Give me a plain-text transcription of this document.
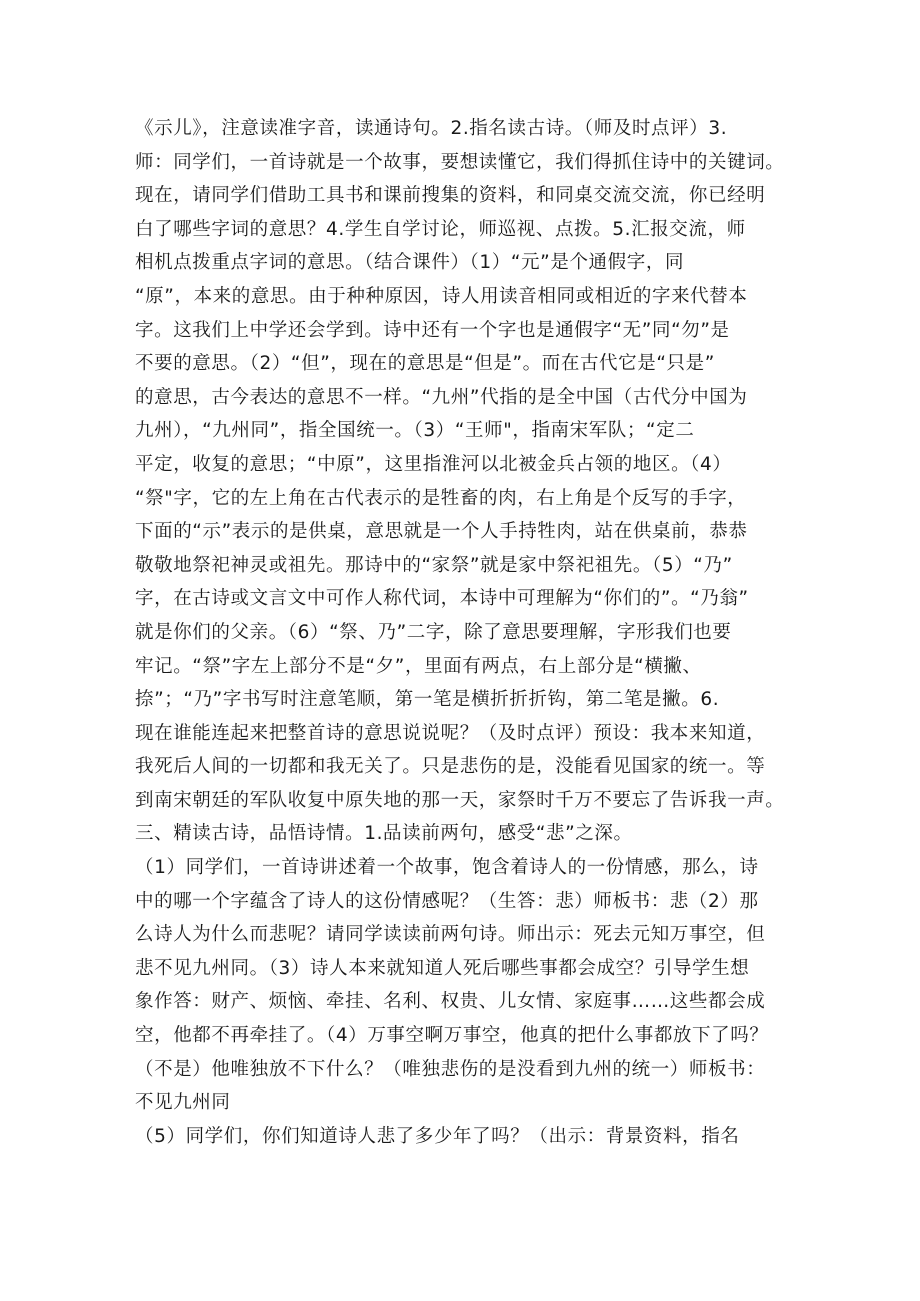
《示儿》，注意读准字音，读通诗句。2.指名读古诗。（师及时点评）3.
师：同学们，一首诗就是一个故事，要想读懂它，我们得抓住诗中的关键词。
现在，请同学们借助工具书和课前搜集的资料，和同桌交流交流，你已经明
白了哪些字词的意思？4.学生自学讨论，师巡视、点拨。5.汇报交流，师
相机点拨重点字词的意思。（结合课件）（1）“元”是个通假字，同
“原”，本来的意思。由于种种原因，诗人用读音相同或相近的字来代替本
字。这我们上中学还会学到。诗中还有一个字也是通假字“无”同“勿”是
不要的意思。（2）“但”，现在的意思是“但是”。而在古代它是“只是”
的意思，古今表达的意思不一样。“九州”代指的是全中国（古代分中国为
九州），“九州同”，指全国统一。（3）“王师"，指南宋军队；“定二
平定，收复的意思；“中原”，这里指淮河以北被金兵占领的地区。（4）
“祭"字，它的左上角在古代表示的是牲畜的肉，右上角是个反写的手字，
下面的“示”表示的是供桌，意思就是一个人手持牲肉，站在供桌前，恭恭
敬敬地祭祀神灵或祖先。那诗中的“家祭”就是家中祭祀祖先。（5）“乃”
字，在古诗或文言文中可作人称代词，本诗中可理解为“你们的”。“乃翁”
就是你们的父亲。（6）“祭、乃”二字，除了意思要理解，字形我们也要
牢记。“祭”字左上部分不是“夕”，里面有两点，右上部分是“横撇、
捺”；“乃”字书写时注意笔顺，第一笔是横折折折钩，第二笔是撇。6.
现在谁能连起来把整首诗的意思说说呢？（及时点评）预设：我本来知道，
我死后人间的一切都和我无关了。只是悲伤的是，没能看见国家的统一。等
到南宋朝廷的军队收复中原失地的那一天，家祭时千万不要忘了告诉我一声。
三、精读古诗，品悟诗情。1.品读前两句，感受“悲”之深。
（1）同学们，一首诗讲述着一个故事，饱含着诗人的一份情感，那么，诗
中的哪一个字蕴含了诗人的这份情感呢？（生答：悲）师板书：悲（2）那
么诗人为什么而悲呢？请同学读读前两句诗。师出示：死去元知万事空，但
悲不见九州同。（3）诗人本来就知道人死后哪些事都会成空？引导学生想
象作答：财产、烦恼、牵挂、名利、权贵、儿女情、家庭事……这些都会成
空，他都不再牵挂了。（4）万事空啊万事空，他真的把什么事都放下了吗？
（不是）他唯独放不下什么？（唯独悲伤的是没看到九州的统一）师板书：
不见九州同
（5）同学们，你们知道诗人悲了多少年了吗？（出示：背景资料，指名
